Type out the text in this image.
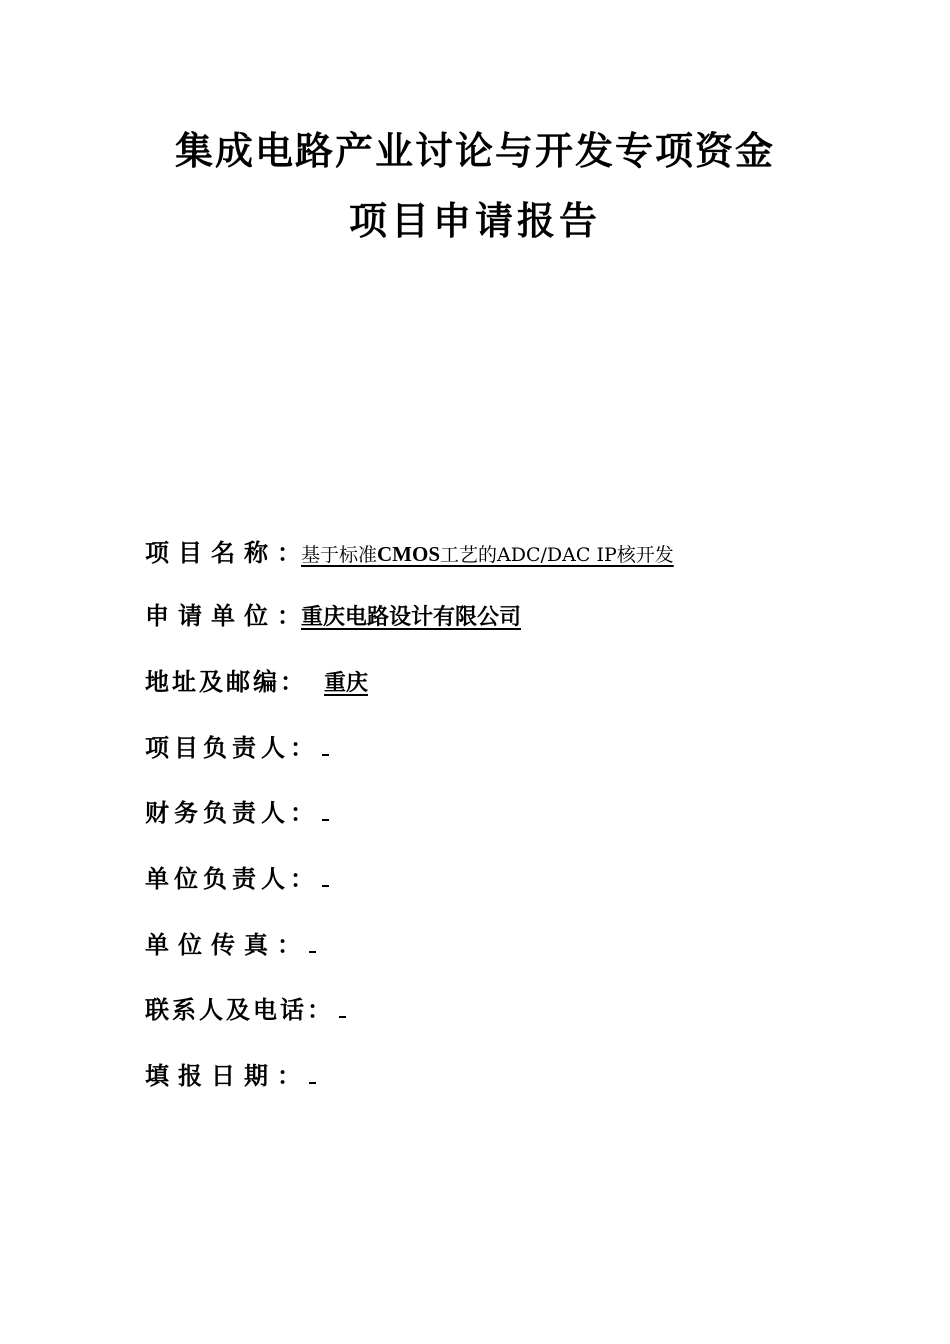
集成电路产业讨论与开发专项资金
项目申请报告
项目名称 ： 基于标准CMOS工艺的ADC/DAC IP核开发
申请单位 ： 重庆电路设计有限公司
地址及邮编 ： 重庆
项目负责人 ：
财务负责人 ：
单位负责人 ：
单位传真 ：
联系人及电话 ：
填报日期 ：
